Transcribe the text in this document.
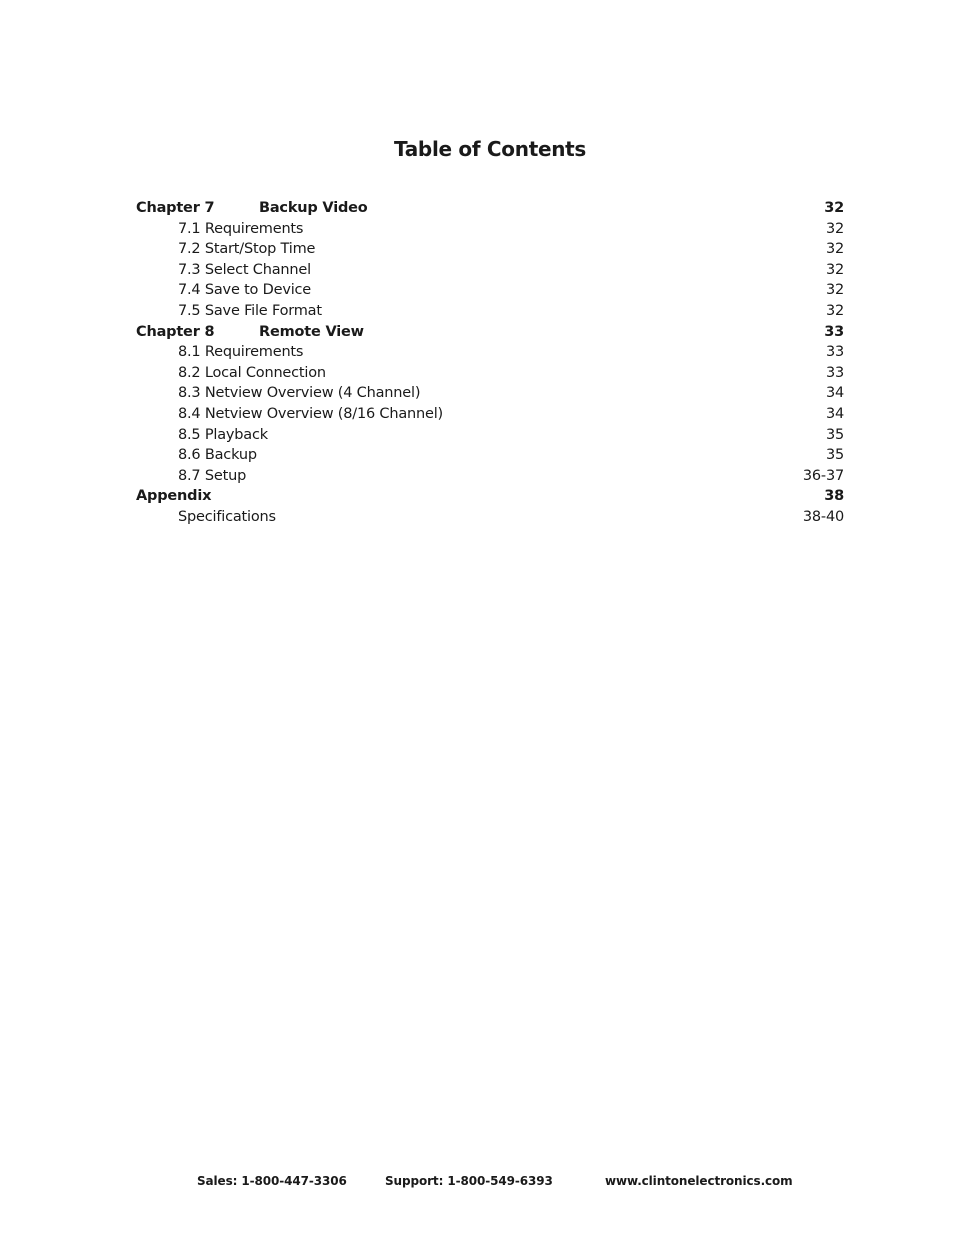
Table of Contents
Chapter 7	Backup Video	32
7.1 Requirements	32
7.2 Start/Stop Time	32
7.3 Select Channel	32
7.4 Save to Device	32
7.5 Save File Format	32
Chapter 8	Remote View	33
8.1 Requirements	33
8.2 Local Connection	33
8.3 Netview Overview (4 Channel)	34
8.4 Netview Overview (8/16 Channel)	34
8.5 Playback	35
8.6 Backup	35
8.7 Setup	36-37
Appendix	38
Specifications	38-40
Sales: 1-800-447-3306	Support: 1-800-549-6393	www.clintonelectronics.com
